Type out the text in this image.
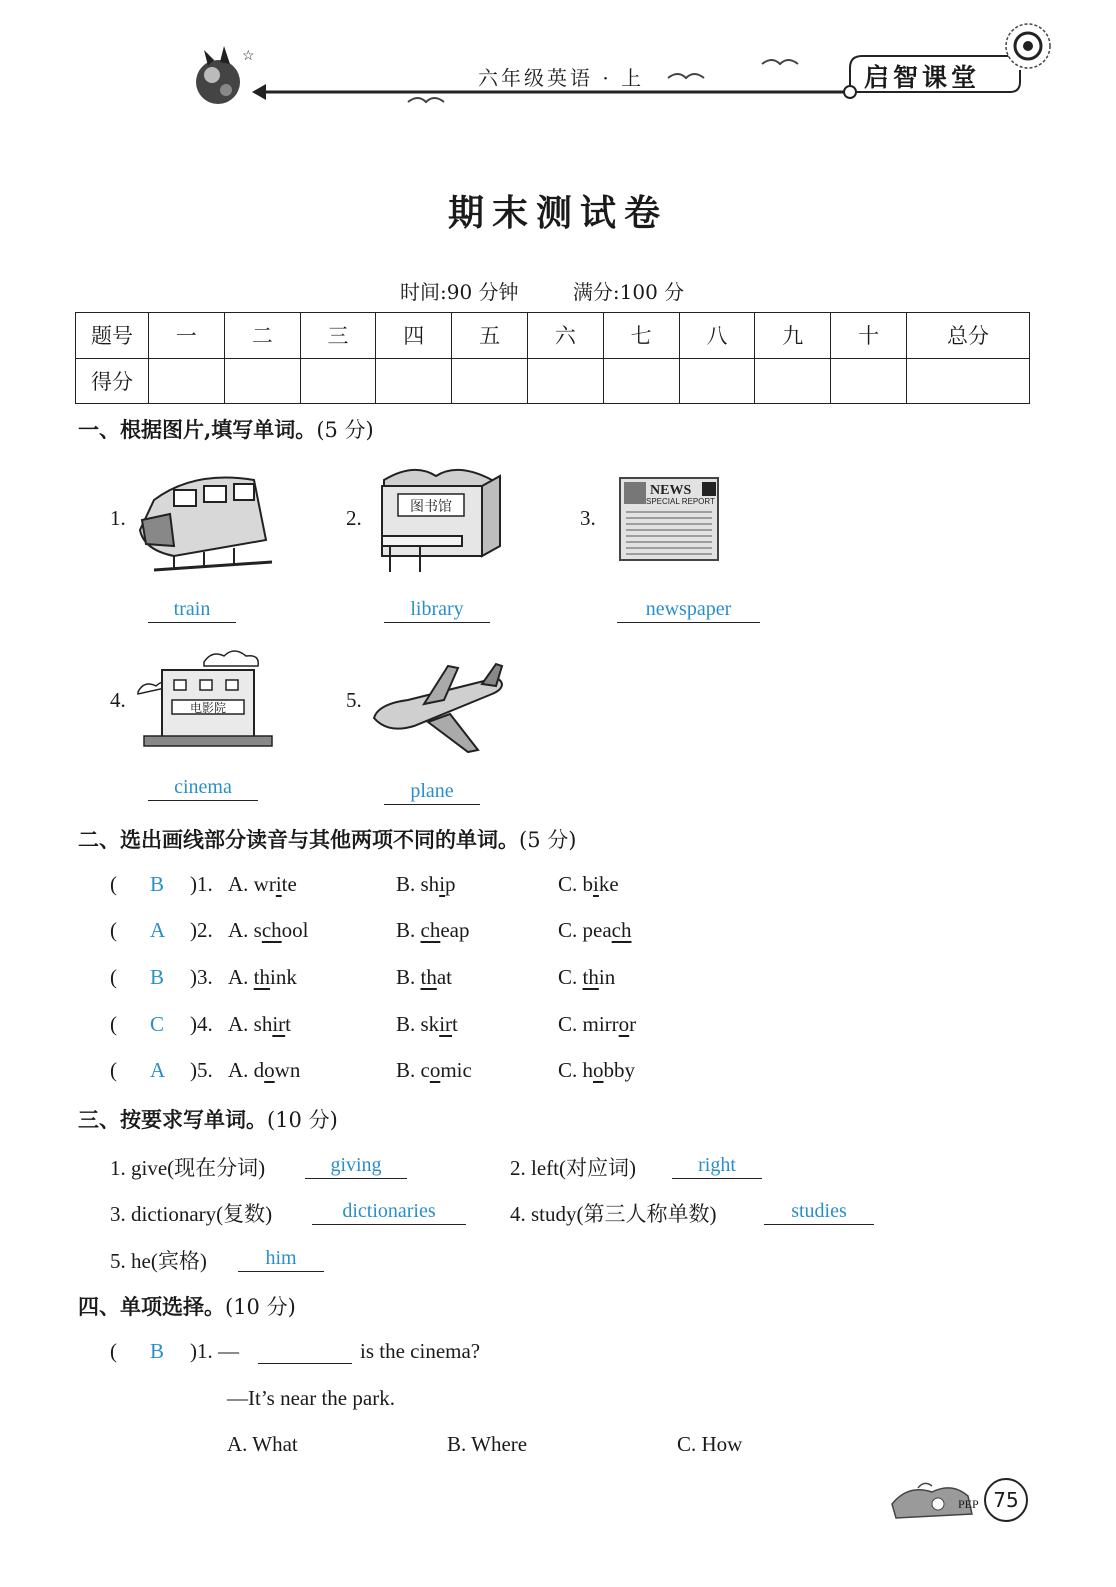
☆
六年级英语 · 上	启智课堂
期末测试卷
时间:90 分钟	满分:100 分
题号	一	二	三	四	五	六	七	八	九	十	总分
得分											
一、根据图片,填写单词。(5 分)
1.
train
2.	图书馆
library
3.
NEWS
SPECIAL REPORT
newspaper
4.	电影院
cinema
5.
plane
二、选出画线部分读音与其他两项不同的单词。(5 分)
( B )1. A. write	B. ship	C. bike
( A )2. A. school	B. cheap	C. peach
( B )3. A. think	B. that	C. thin
( C )4. A. shirt	B. skirt	C. mirror
( A )5. A. down	B. comic	C. hobby
三、按要求写单词。(10 分)
1. give(现在分词)	giving	2. left(对应词)	right
3. dictionary(复数)	dictionaries	4. study(第三人称单数)	studies
5. he(宾格)	him
四、单项选择。(10 分)
( B )1. —	is the cinema?
—It’s near the park.
A. What	B. Where	C. How
PEP 75
